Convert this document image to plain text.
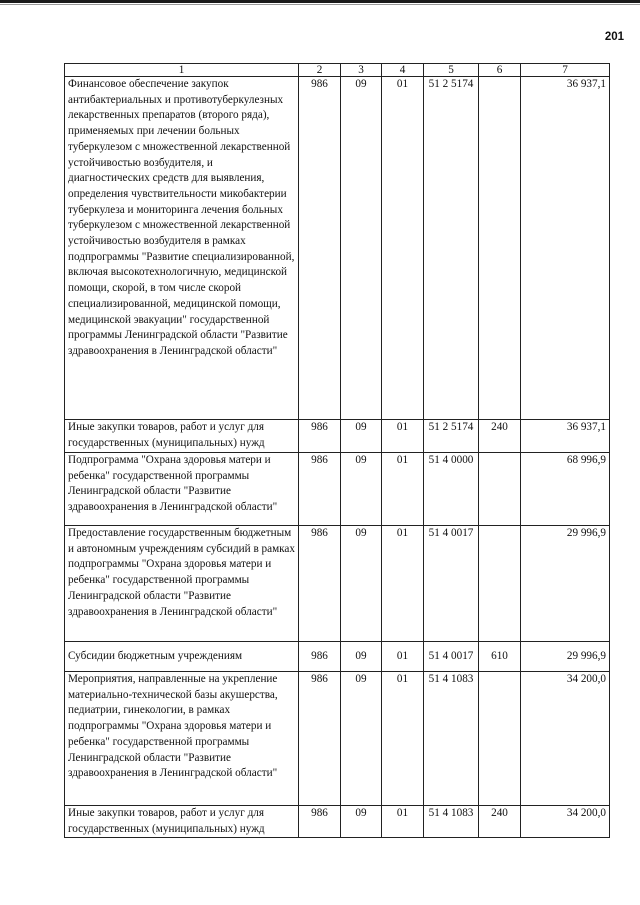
201
1	2	3	4	5	6	7
Финансовое обеспечение закупок антибактериальных и противотуберкулезных лекарственных препаратов (второго ряда), применяемых при лечении больных туберкулезом с множественной лекарственной устойчивостью возбудителя, и диагностических средств для выявления, определения чувствительности микобактерии туберкулеза и мониторинга лечения больных туберкулезом с множественной лекарственной устойчивостью возбудителя в рамках подпрограммы "Развитие специализированной, включая высокотехнологичную, медицинской помощи, скорой, в том числе скорой специализированной, медицинской помощи, медицинской эвакуации" государственной программы Ленинградской области "Развитие здравоохранения в Ленинградской области"	986	09	01	51 2 5174		36 937,1
Иные закупки товаров, работ и услуг для государственных (муниципальных) нужд	986	09	01	51 2 5174	240	36 937,1
Подпрограмма "Охрана здоровья матери и ребенка" государственной программы Ленинградской области "Развитие здравоохранения в Ленинградской области"	986	09	01	51 4 0000		68 996,9
Предоставление государственным бюджетным и автономным учреждениям субсидий в рамках подпрограммы "Охрана здоровья матери и ребенка" государственной программы Ленинградской области "Развитие здравоохранения в Ленинградской области"	986	09	01	51 4 0017		29 996,9
Субсидии бюджетным учреждениям	986	09	01	51 4 0017	610	29 996,9
Мероприятия, направленные на укрепление материально-технической базы акушерства, педиатрии, гинекологии, в рамках подпрограммы "Охрана здоровья матери и ребенка" государственной программы Ленинградской области "Развитие здравоохранения в Ленинградской области"	986	09	01	51 4 1083		34 200,0
Иные закупки товаров, работ и услуг для государственных (муниципальных) нужд	986	09	01	51 4 1083	240	34 200,0
